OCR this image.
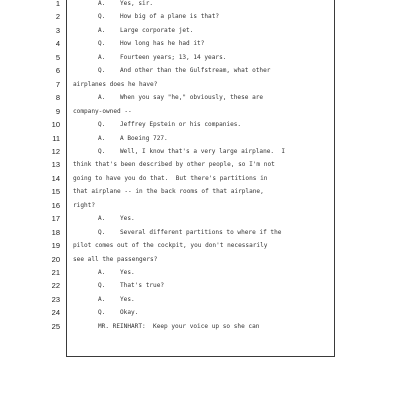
1	A.    Yes, sir.
2	Q.    How big of a plane is that?
3	A.    Large corporate jet.
4	Q.    How long has he had it?
5	A.    Fourteen years; 13, 14 years.
6	Q.    And other than the Gulfstream, what other
7 airplanes does he have?
8	A.    When you say "he," obviously, these are
9 company-owned --
10	Q.    Jeffrey Epstein or his companies.
11	A.    A Boeing 727.
12	Q.    Well, I know that's a very large airplane.  I
13 think that's been described by other people, so I'm not
14 going to have you do that.  But there's partitions in
15 that airplane -- in the back rooms of that airplane,
16 right?
17	A.    Yes.
18	Q.    Several different partitions to where if the
19 pilot comes out of the cockpit, you don't necessarily
20 see all the passengers?
21	A.    Yes.
22	Q.    That's true?
23	A.    Yes.
24	Q.    Okay.
25	MR. REINHART:  Keep your voice up so she can
